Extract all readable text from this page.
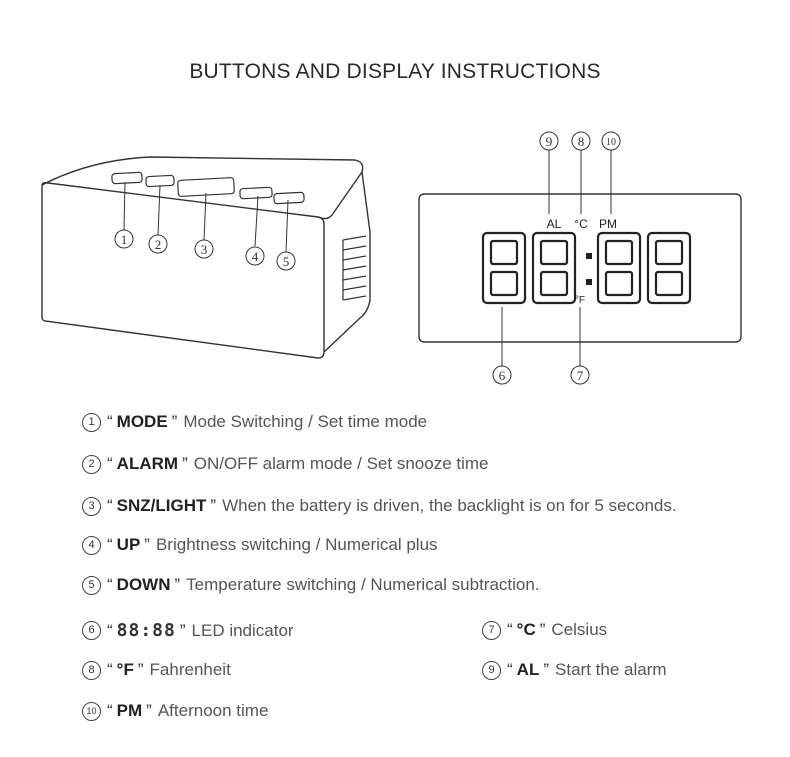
BUTTONS AND DISPLAY INSTRUCTIONS
1 2	3	4 5
AL °C PM
°F
9 8 10
6	7
1 “ MODE ” Mode Switching / Set time mode
2 “ ALARM ” ON/OFF alarm mode / Set snooze time
3 “ SNZ/LIGHT ” When the battery is driven, the backlight is on for 5 seconds.
4 “ UP ” Brightness switching / Numerical plus
5 “ DOWN ” Temperature switching / Numerical subtraction.
6 “ 88:88 ” LED indicator	7 “ °C ” Celsius
8 “ °F ” Fahrenheit	9 “ AL ” Start the alarm
10 “ PM ” Afternoon time
